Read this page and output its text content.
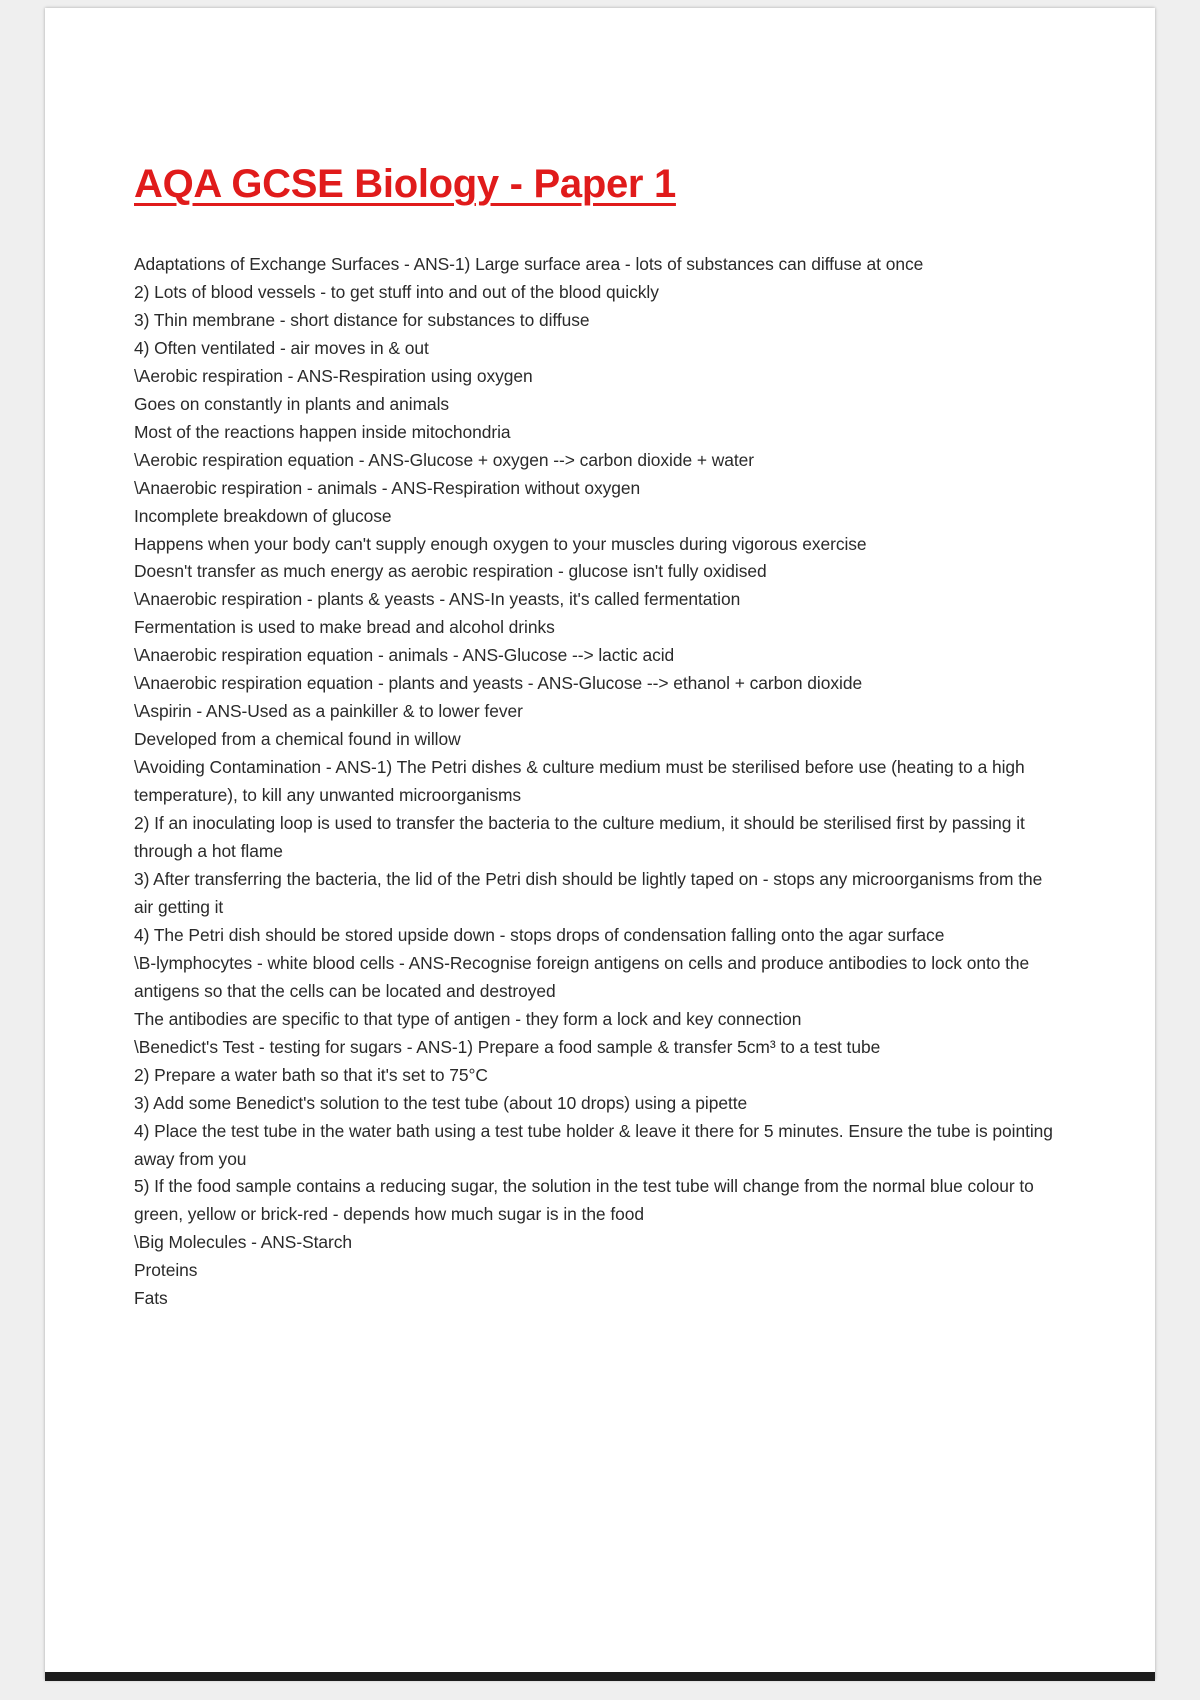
AQA GCSE Biology - Paper 1

Adaptations of Exchange Surfaces - ANS-1) Large surface area - lots of substances can diffuse at once

2) Lots of blood vessels - to get stuff into and out of the blood quickly

3) Thin membrane - short distance for substances to diffuse

4) Often ventilated - air moves in & out

\Aerobic respiration - ANS-Respiration using oxygen

Goes on constantly in plants and animals

Most of the reactions happen inside mitochondria

\Aerobic respiration equation - ANS-Glucose + oxygen --> carbon dioxide + water

\Anaerobic respiration - animals - ANS-Respiration without oxygen

Incomplete breakdown of glucose

Happens when your body can't supply enough oxygen to your muscles during vigorous exercise

Doesn't transfer as much energy as aerobic respiration - glucose isn't fully oxidised

\Anaerobic respiration - plants & yeasts - ANS-In yeasts, it's called fermentation

Fermentation is used to make bread and alcohol drinks

\Anaerobic respiration equation - animals - ANS-Glucose --> lactic acid

\Anaerobic respiration equation - plants and yeasts - ANS-Glucose --> ethanol + carbon dioxide

\Aspirin - ANS-Used as a painkiller & to lower fever

Developed from a chemical found in willow

\Avoiding Contamination - ANS-1) The Petri dishes & culture medium must be sterilised before use (heating to a high temperature), to kill any unwanted microorganisms

2) If an inoculating loop is used to transfer the bacteria to the culture medium, it should be sterilised first by passing it through a hot flame

3) After transferring the bacteria, the lid of the Petri dish should be lightly taped on - stops any microorganisms from the air getting it

4) The Petri dish should be stored upside down - stops drops of condensation falling onto the agar surface

\B-lymphocytes - white blood cells - ANS-Recognise foreign antigens on cells and produce antibodies to lock onto the antigens so that the cells can be located and destroyed

The antibodies are specific to that type of antigen - they form a lock and key connection

\Benedict's Test - testing for sugars - ANS-1) Prepare a food sample & transfer 5cm³ to a test tube

2) Prepare a water bath so that it's set to 75°C

3) Add some Benedict's solution to the test tube (about 10 drops) using a pipette

4) Place the test tube in the water bath using a test tube holder & leave it there for 5 minutes. Ensure the tube is pointing away from you

5) If the food sample contains a reducing sugar, the solution in the test tube will change from the normal blue colour to green, yellow or brick-red - depends how much sugar is in the food

\Big Molecules - ANS-Starch

Proteins

Fats
